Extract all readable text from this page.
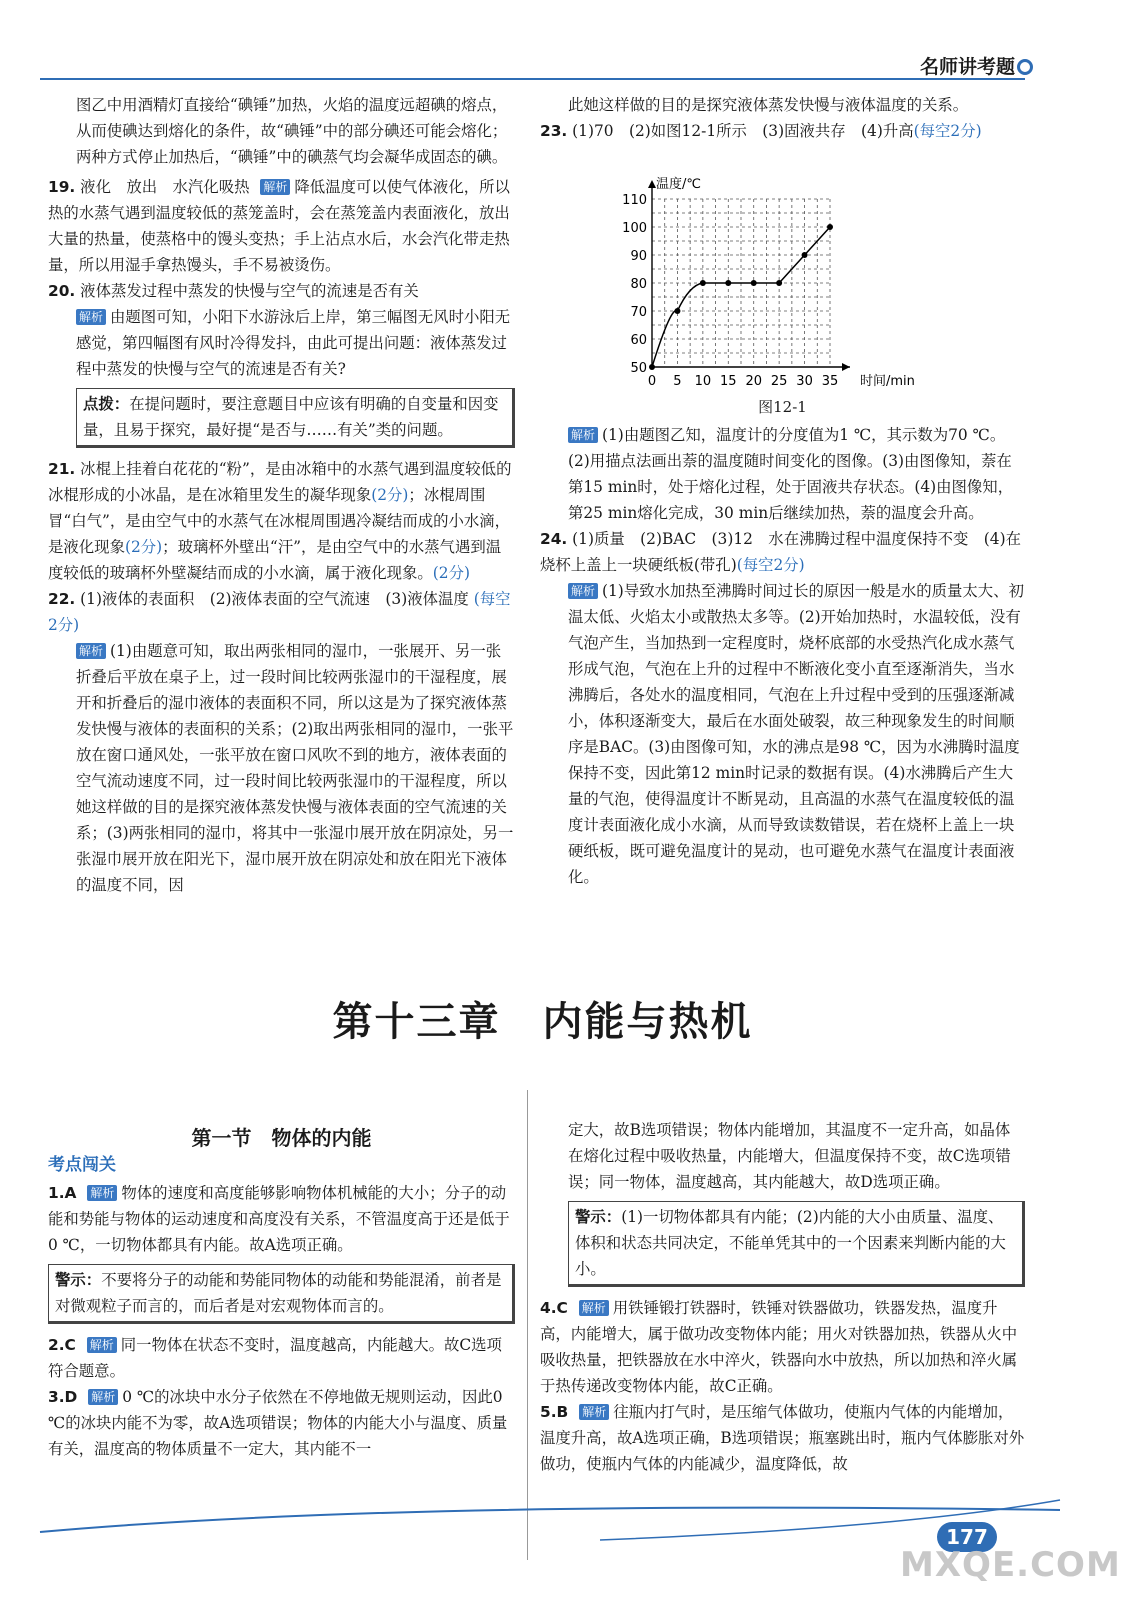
名师讲考题

图乙中用酒精灯直接给“碘锤”加热，火焰的温度远超碘的熔点，从而使碘达到熔化的条件，故“碘锤”中的部分碘还可能会熔化；两种方式停止加热后，“碘锤”中的碘蒸气均会凝华成固态的碘。

19. 液化　放出　水汽化吸热 解析 降低温度可以使气体液化，所以热的水蒸气遇到温度较低的蒸笼盖时，会在蒸笼盖内表面液化，放出大量的热量，使蒸格中的馒头变热；手上沾点水后，水会汽化带走热量，所以用湿手拿热馒头，手不易被烫伤。

20. 液体蒸发过程中蒸发的快慢与空气的流速是否有关

解析 由题图可知，小阳下水游泳后上岸，第三幅图无风时小阳无感觉，第四幅图有风时冷得发抖，由此可提出问题：液体蒸发过程中蒸发的快慢与空气的流速是否有关?

点拨：在提问题时，要注意题目中应该有明确的自变量和因变量，且易于探究，最好提“是否与……有关”类的问题。

21. 冰棍上挂着白花花的“粉”，是由冰箱中的水蒸气遇到温度较低的冰棍形成的小冰晶，是在冰箱里发生的凝华现象(2分)；冰棍周围冒“白气”，是由空气中的水蒸气在冰棍周围遇冷凝结而成的小水滴，是液化现象(2分)；玻璃杯外壁出“汗”，是由空气中的水蒸气遇到温度较低的玻璃杯外壁凝结而成的小水滴，属于液化现象。(2分)

22. (1)液体的表面积　(2)液体表面的空气流速　(3)液体温度 (每空2分)

解析 (1)由题意可知，取出两张相同的湿巾，一张展开、另一张折叠后平放在桌子上，过一段时间比较两张湿巾的干湿程度，展开和折叠后的湿巾液体的表面积不同，所以这是为了探究液体蒸发快慢与液体的表面积的关系；(2)取出两张相同的湿巾，一张平放在窗口通风处，一张平放在窗口风吹不到的地方，液体表面的空气流动速度不同，过一段时间比较两张湿巾的干湿程度，所以她这样做的目的是探究液体蒸发快慢与液体表面的空气流速的关系；(3)两张相同的湿巾，将其中一张湿巾展开放在阴凉处，另一张湿巾展开放在阳光下，湿巾展开放在阴凉处和放在阳光下液体的温度不同，因

此她这样做的目的是探究液体蒸发快慢与液体温度的关系。

23. (1)70　(2)如图12-1所示　(3)固液共存　(4)升高(每空2分)

解析 (1)由题图乙知，温度计的分度值为1 ℃，其示数为70 ℃。(2)用描点法画出萘的温度随时间变化的图像。(3)由图像知，萘在第15 min时，处于熔化过程，处于固液共存状态。(4)由图像知，第25 min熔化完成，30 min后继续加热，萘的温度会升高。

24. (1)质量　(2)BAC　(3)12　水在沸腾过程中温度保持不变　(4)在烧杯上盖上一块硬纸板(带孔)(每空2分)

解析 (1)导致水加热至沸腾时间过长的原因一般是水的质量太大、初温太低、火焰太小或散热太多等。(2)开始加热时，水温较低，没有气泡产生，当加热到一定程度时，烧杯底部的水受热汽化成水蒸气形成气泡，气泡在上升的过程中不断液化变小直至逐渐消失，当水沸腾后，各处水的温度相同，气泡在上升过程中受到的压强逐渐减小，体积逐渐变大，最后在水面处破裂，故三种现象发生的时间顺序是BAC。(3)由图像可知，水的沸点是98 ℃，因为水沸腾时温度保持不变，因此第12 min时记录的数据有误。(4)水沸腾后产生大量的气泡，使得温度计不断晃动，且高温的水蒸气在温度较低的温度计表面液化成小水滴，从而导致读数错误，若在烧杯上盖上一块硬纸板，既可避免温度计的晃动，也可避免水蒸气在温度计表面液化。

0 5 10 15 20 25 30 35
50
60
70
80
90
100
110
温度/℃
时间/min
图12-1
第十三章　内能与热机
第一节　物体的内能
考点闯关

1.A 解析 物体的速度和高度能够影响物体机械能的大小；分子的动能和势能与物体的运动速度和高度没有关系，不管温度高于还是低于0 ℃，一切物体都具有内能。故A选项正确。

警示：不要将分子的动能和势能同物体的动能和势能混淆，前者是对微观粒子而言的，而后者是对宏观物体而言的。

2.C 解析 同一物体在状态不变时，温度越高，内能越大。故C选项符合题意。

3.D 解析 0 ℃的冰块中水分子依然在不停地做无规则运动，因此0 ℃的冰块内能不为零，故A选项错误；物体的内能大小与温度、质量有关，温度高的物体质量不一定大，其内能不一

定大，故B选项错误；物体内能增加，其温度不一定升高，如晶体在熔化过程中吸收热量，内能增大，但温度保持不变，故C选项错误；同一物体，温度越高，其内能越大，故D选项正确。

警示：(1)一切物体都具有内能；(2)内能的大小由质量、温度、体积和状态共同决定，不能单凭其中的一个因素来判断内能的大小。

4.C 解析 用铁锤锻打铁器时，铁锤对铁器做功，铁器发热，温度升高，内能增大，属于做功改变物体内能；用火对铁器加热，铁器从火中吸收热量，把铁器放在水中淬火，铁器向水中放热，所以加热和淬火属于热传递改变物体内能，故C正确。

5.B 解析 往瓶内打气时，是压缩气体做功，使瓶内气体的内能增加，温度升高，故A选项正确，B选项错误；瓶塞跳出时，瓶内气体膨胀对外做功，使瓶内气体的内能减少，温度降低，故

177
MXQE.COM
